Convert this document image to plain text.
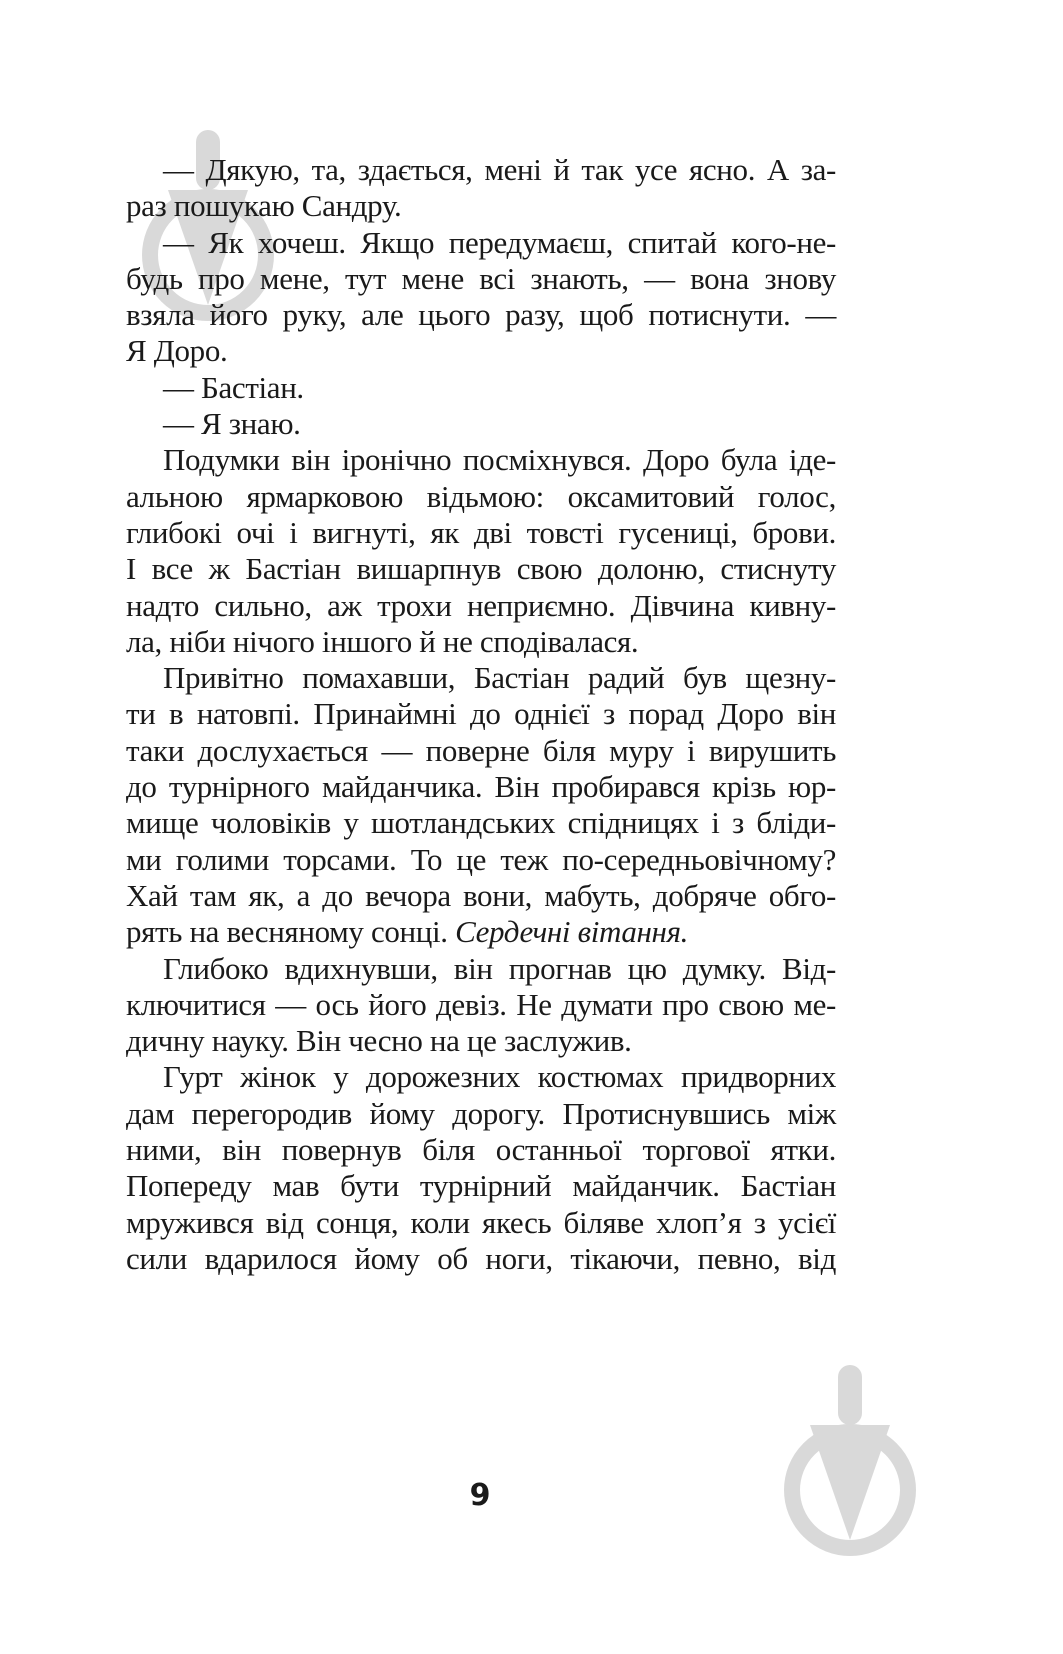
— Дякую, та, здається, мені й так усе ясно. А за-
раз пошукаю Сандру.
— Як хочеш. Якщо передумаєш, спитай кого-не-
будь про мене, тут мене всі знають, — вона знову
взяла його руку, але цього разу, щоб потиснути. —
Я Доро.
— Бастіан.
— Я знаю.
Подумки він іронічно посміхнувся. Доро була іде-
альною ярмарковою відьмою: оксамитовий голос,
глибокі очі і вигнуті, як дві товсті гусениці, брови.
І все ж Бастіан вишарпнув свою долоню, стиснуту
надто сильно, аж трохи неприємно. Дівчина кивну-
ла, ніби нічого іншого й не сподівалася.
Привітно помахавши, Бастіан радий був щезну-
ти в натовпі. Принаймні до однієї з порад Доро він
таки дослухається — поверне біля муру і вирушить
до турнірного майданчика. Він пробирався крізь юр-
мище чоловіків у шотландських спідницях і з бліди-
ми голими торсами. То це теж по-середньовічному?
Хай там як, а до вечора вони, мабуть, добряче обго-
рять на весняному сонці. Сердечні вітання.
Глибоко вдихнувши, він прогнав цю думку. Від-
ключитися — ось його девіз. Не думати про свою ме-
дичну науку. Він чесно на це заслужив.
Гурт жінок у дорожезних костюмах придворних
дам перегородив йому дорогу. Протиснувшись між
ними, він повернув біля останньої торгової ятки.
Попереду мав бути турнірний майданчик. Бастіан
мружився від сонця, коли якесь біляве хлоп’я з усієї
сили вдарилося йому об ноги, тікаючи, певно, від
9
